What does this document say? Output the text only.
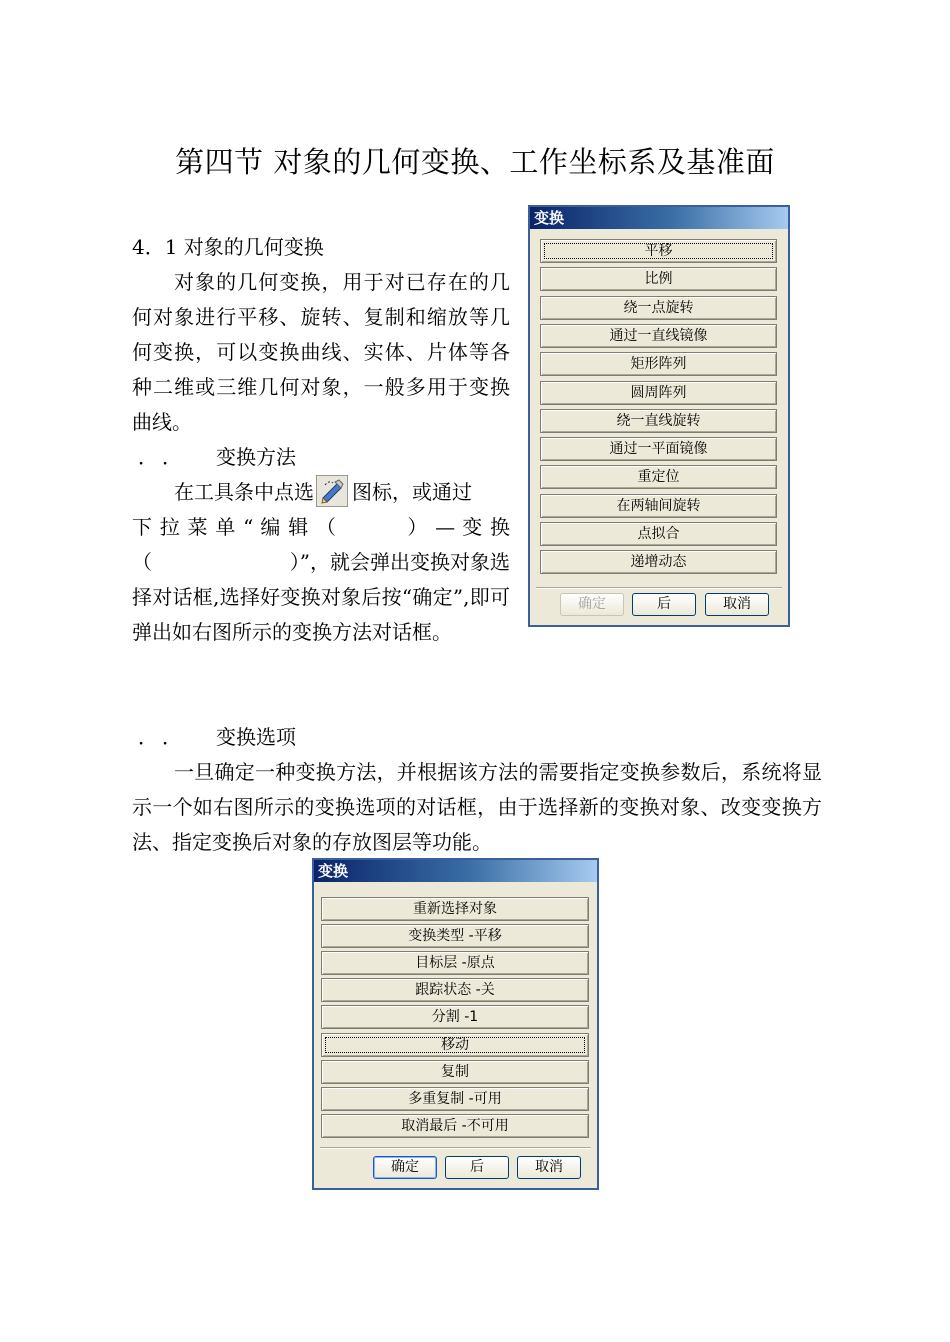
第四节 对象的几何变换、工作坐标系及基准面
4．1 对象的几何变换

对象的几何变换，用于对已存在的几何对象进行平移、旋转、复制和缩放等几何变换，可以变换曲线、实体、片体等各种二维或三维几何对象，一般多用于变换曲线。

．． 变换方法
在工具条中点选 图标，或通过
下 拉 菜 单 “ 编 辑 （          ） — 变 换
（	）”，就会弹出变换对象选
择对话框,选择好变换对象后按“确定”,即可弹出如右图所示的变换方法对话框。
．． 变换选项

一旦确定一种变换方法，并根据该方法的需要指定变换参数后，系统将显示一个如右图所示的变换选项的对话框，由于选择新的变换对象、改变变换方法、指定变换后对象的存放图层等功能。

变换
平移
比例
绕一点旋转
通过一直线镜像
矩形阵列
圆周阵列
绕一直线旋转
通过一平面镜像
重定位
在两轴间旋转
点拟合
递增动态
确定	后	取消
变换
重新选择对象
变换类型 -平移
目标层 -原点
跟踪状态 -关
分割 -1
移动
复制
多重复制 -可用
取消最后 -不可用
确定	后	取消
